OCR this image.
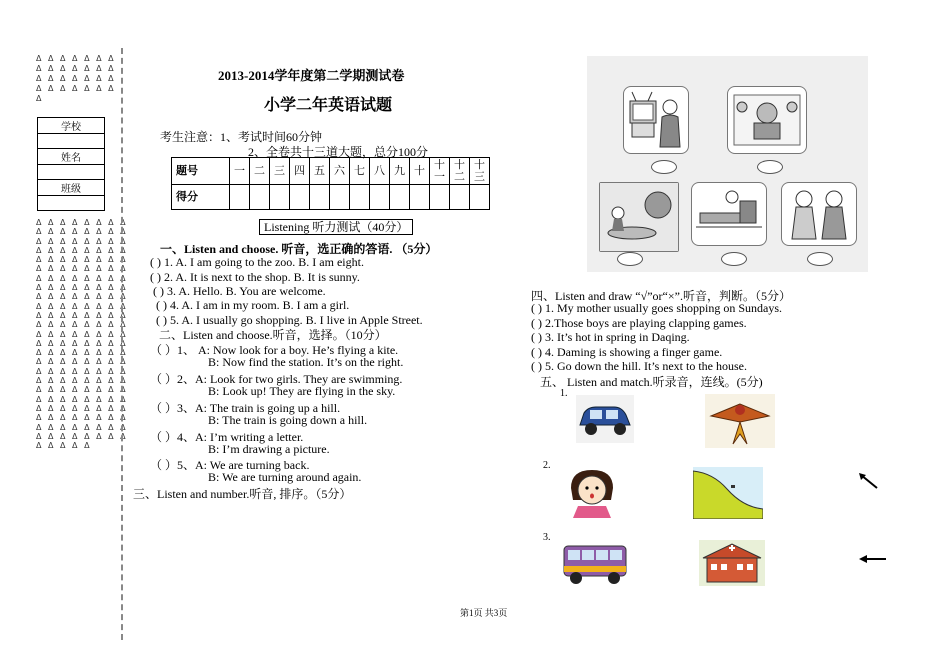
Δ Δ Δ Δ Δ Δ Δ
Δ Δ Δ Δ Δ Δ Δ
Δ Δ Δ Δ Δ Δ Δ
Δ Δ Δ Δ Δ Δ Δ
Δ
学校

姓名

班级

Δ Δ Δ Δ Δ Δ Δ Δ
Δ Δ Δ Δ Δ Δ Δ Δ
Δ Δ Δ Δ Δ Δ Δ Δ
Δ Δ Δ Δ Δ Δ Δ Δ
Δ Δ Δ Δ Δ Δ Δ Δ
Δ Δ Δ Δ Δ Δ Δ Δ
Δ Δ Δ Δ Δ Δ Δ Δ
Δ Δ Δ Δ Δ Δ Δ Δ
Δ Δ Δ Δ Δ Δ Δ Δ
Δ Δ Δ Δ Δ Δ Δ Δ
Δ Δ Δ Δ Δ Δ Δ Δ
Δ Δ Δ Δ Δ Δ Δ Δ
Δ Δ Δ Δ Δ Δ Δ Δ
Δ Δ Δ Δ Δ Δ Δ Δ
Δ Δ Δ Δ Δ Δ Δ Δ
Δ Δ Δ Δ Δ Δ Δ Δ
Δ Δ Δ Δ Δ Δ Δ Δ
Δ Δ Δ Δ Δ Δ Δ Δ
Δ Δ Δ Δ Δ Δ Δ Δ
Δ Δ Δ Δ Δ Δ Δ Δ
Δ Δ Δ Δ Δ Δ Δ Δ
Δ Δ Δ Δ Δ Δ Δ Δ
Δ Δ Δ Δ Δ Δ Δ Δ
Δ Δ Δ Δ Δ Δ Δ Δ
Δ Δ Δ Δ Δ
2013-2014学年度第二学期测试卷
小学二年英语试题
考生注意：1、考试时间60分钟
2、全卷共十三道大题，总分100分
题号	一	二	三	四	五	六	七	八	九	十	十一	十二	十三
得分													
Listening 听力测试（40分）
一、Listen and choose. 听音，选正确的答语. （5分）
( ) 1. A. I am going to the zoo. B. I am eight.
( ) 2. A. It is next to the shop. B. It is sunny.
( ) 3. A. Hello. B. You are welcome.
( ) 4. A. I am in my room. B. I am a girl.
( ) 5. A. I usually go shopping. B. I live in Apple Street.
二、Listen and choose.听音，选择。（10分）
（ ）1、 A: Now look for a boy. He’s flying a kite.
B: Now find the station. It’s on the right.
（ ）2、A: Look for two girls. They are swimming.
B: Look up! They are flying in the sky.
（ ）3、A: The train is going up a hill.
B: The train is going down a hill.
（ ）4、A: I’m writing a letter.
B: I’m drawing a picture.
（ ）5、A: We are turning back.
B: We are turning around again.
三、Listen and number.听音, 排序。（5分）
四、Listen and draw “√”or“×”.听音，判断。（5分）
( ) 1. My mother usually goes shopping on Sundays.
( ) 2.Those boys are playing clapping games.
( ) 3. It’s hot in spring in Daqing.
( ) 4. Daming is showing a finger game.
( ) 5. Go down the hill. It’s next to the house.
五、 Listen and match.听录音，连线。(5分)
1.
2.
3.
第1页 共3页
